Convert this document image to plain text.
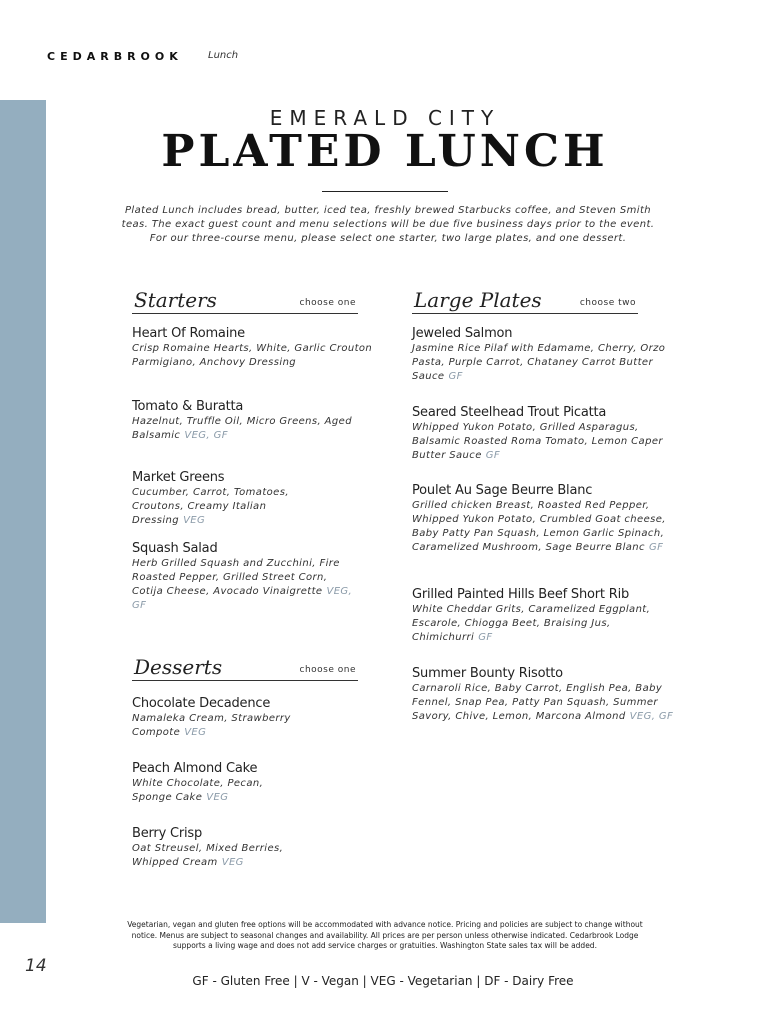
CEDARBROOK	Lunch
EMERALD CITY
PLATED LUNCH
Plated Lunch includes bread, butter, iced tea, freshly brewed Starbucks coffee, and Steven Smith teas. The exact guest count and menu selections will be due five business days prior to the event. For our three-course menu, please select one starter, two large plates, and one dessert.
Starters	choose one
Heart Of Romaine
Crisp Romaine Hearts, White, Garlic Crouton Parmigiano, Anchovy Dressing
Tomato & Buratta
Hazelnut, Truffle Oil, Micro Greens, Aged Balsamic VEG, GF
Market Greens
Cucumber, Carrot, Tomatoes, Croutons, Creamy Italian Dressing VEG
Squash Salad
Herb Grilled Squash and Zucchini, Fire Roasted Pepper, Grilled Street Corn, Cotija Cheese, Avocado Vinaigrette VEG, GF
Desserts	choose one
Chocolate Decadence
Namaleka Cream, Strawberry Compote VEG
Peach Almond Cake
White Chocolate, Pecan, Sponge Cake VEG
Berry Crisp
Oat Streusel, Mixed Berries, Whipped Cream VEG
Large Plates	choose two
Jeweled Salmon
Jasmine Rice Pilaf with Edamame, Cherry, Orzo Pasta, Purple Carrot, Chataney Carrot Butter Sauce GF
Seared Steelhead Trout Picatta
Whipped Yukon Potato, Grilled Asparagus, Balsamic Roasted Roma Tomato, Lemon Caper Butter Sauce GF
Poulet Au Sage Beurre Blanc
Grilled chicken Breast, Roasted Red Pepper, Whipped Yukon Potato, Crumbled Goat cheese, Baby Patty Pan Squash, Lemon Garlic Spinach, Caramelized Mushroom, Sage Beurre Blanc GF
Grilled Painted Hills Beef Short Rib
White Cheddar Grits, Caramelized Eggplant, Escarole, Chiogga Beet, Braising Jus, Chimichurri GF
Summer Bounty Risotto
Carnaroli Rice, Baby Carrot, English Pea, Baby Fennel, Snap Pea, Patty Pan Squash, Summer Savory, Chive, Lemon, Marcona Almond VEG, GF
Vegetarian, vegan and gluten free options will be accommodated with advance notice. Pricing and policies are subject to change without notice. Menus are subject to seasonal changes and availability. All prices are per person unless otherwise indicated. Cedarbrook Lodge supports a living wage and does not add service charges or gratuities. Washington State sales tax will be added.
14
GF - Gluten Free | V - Vegan | VEG - Vegetarian | DF - Dairy Free
